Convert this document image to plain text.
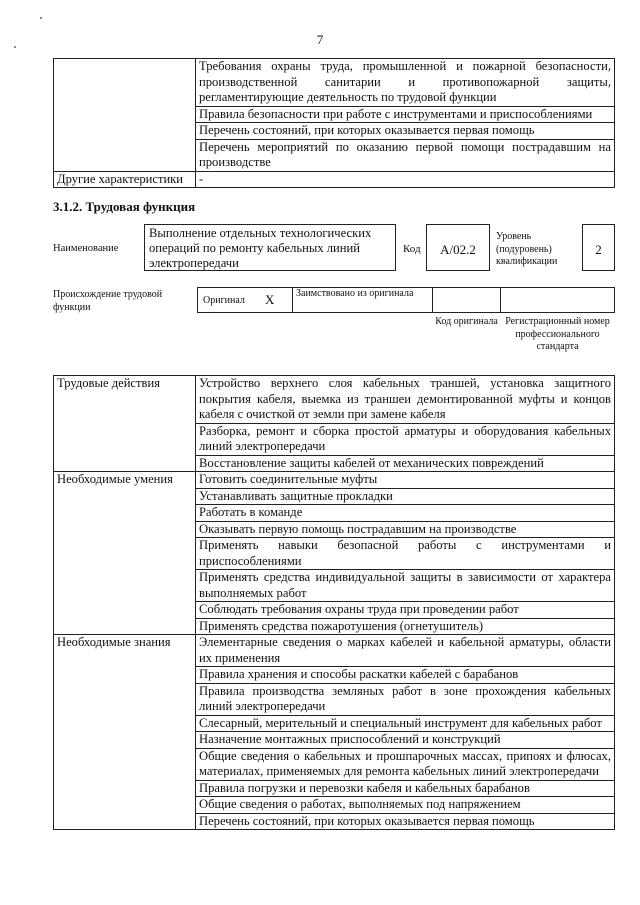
7
	Требования охраны труда, промышленной и пожарной безопасности, производственной санитарии и противопожарной защиты, регламентирующие деятельность по трудовой функции
	Правила безопасности при работе с инструментами и приспособлениями
	Перечень состояний, при которых оказывается первая помощь
	Перечень мероприятий по оказанию первой помощи пострадавшим на производстве
Другие характеристики	-
3.1.2. Трудовая функция
Наименование
Выполнение отдельных технологических операций по ремонту кабельных линий электропередачи
Код	А/02.2
Уровень (подуровень) квалификации
2
Происхождение трудовой функции
Оригинал X	Заимствовано из оригинала
Код оригинала Регистрационный номер профессионального стандарта
Трудовые действия	Устройство верхнего слоя кабельных траншей, установка защитного покрытия кабеля, выемка из траншеи демонтированной муфты и концов кабеля с очисткой от земли при замене кабеля
	Разборка, ремонт и сборка простой арматуры и оборудования кабельных линий электропередачи
	Восстановление защиты кабелей от механических повреждений
Необходимые умения	Готовить соединительные муфты
	Устанавливать защитные прокладки
	Работать в команде
	Оказывать первую помощь пострадавшим на производстве
	Применять навыки безопасной работы с инструментами и приспособлениями
	Применять средства индивидуальной защиты в зависимости от характера выполняемых работ
	Соблюдать требования охраны труда при проведении работ
	Применять средства пожаротушения (огнетушитель)
Необходимые знания	Элементарные сведения о марках кабелей и кабельной арматуры, области их применения
	Правила хранения и способы раскатки кабелей с барабанов
	Правила производства земляных работ в зоне прохождения кабельных линий электропередачи
	Слесарный, мерительный и специальный инструмент для кабельных работ
	Назначение монтажных приспособлений и конструкций
	Общие сведения о кабельных и прошпарочных массах, припоях и флюсах, материалах, применяемых для ремонта кабельных линий электропередачи
	Правила погрузки и перевозки кабеля и кабельных барабанов
	Общие сведения о работах, выполняемых под напряжением
	Перечень состояний, при которых оказывается первая помощь
